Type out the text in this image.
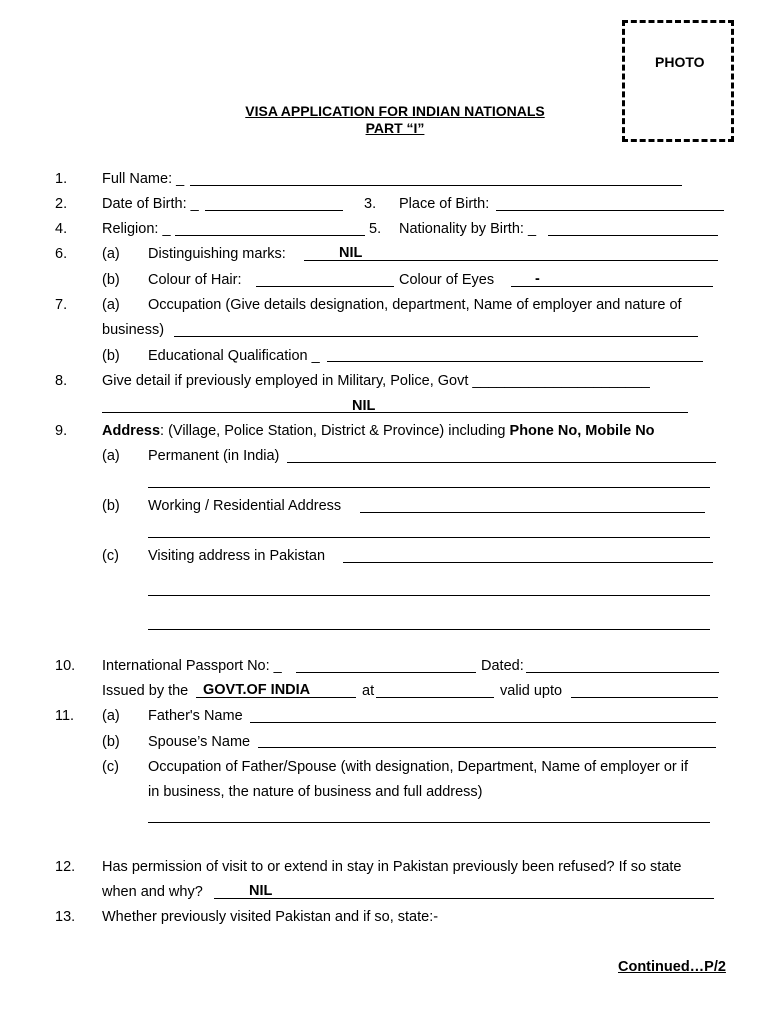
PHOTO
VISA APPLICATION FOR INDIAN NATIONALS
PART “I”
1. Full Name: _
2. Date of Birth: _	3. Place of Birth:
4. Religion: _	5. Nationality by Birth: _
6. (a) Distinguishing marks:	NIL
(b) Colour of Hair:	Colour of Eyes	-
7. (a) Occupation (Give details designation, department, Name of employer and nature of
business)
(b) Educational Qualification _
8. Give detail if previously employed in Military, Police, Govt ______________________
NIL
9. Address: (Village, Police Station, District & Province) including Phone No, Mobile No
(a) Permanent (in India)
(b) Working / Residential Address
(c) Visiting address in Pakistan
10. International Passport No: _	Dated:
Issued by the GOVT.OF INDIA	at	valid upto
11. (a) Father's Name
(b) Spouse’s Name
(c) Occupation of Father/Spouse (with designation, Department, Name of employer or if
in business, the nature of business and full address)
12. Has permission of visit to or extend in stay in Pakistan previously been refused? If so state
when and why?	NIL
13. Whether previously visited Pakistan and if so, state:-
Continued…P/2
